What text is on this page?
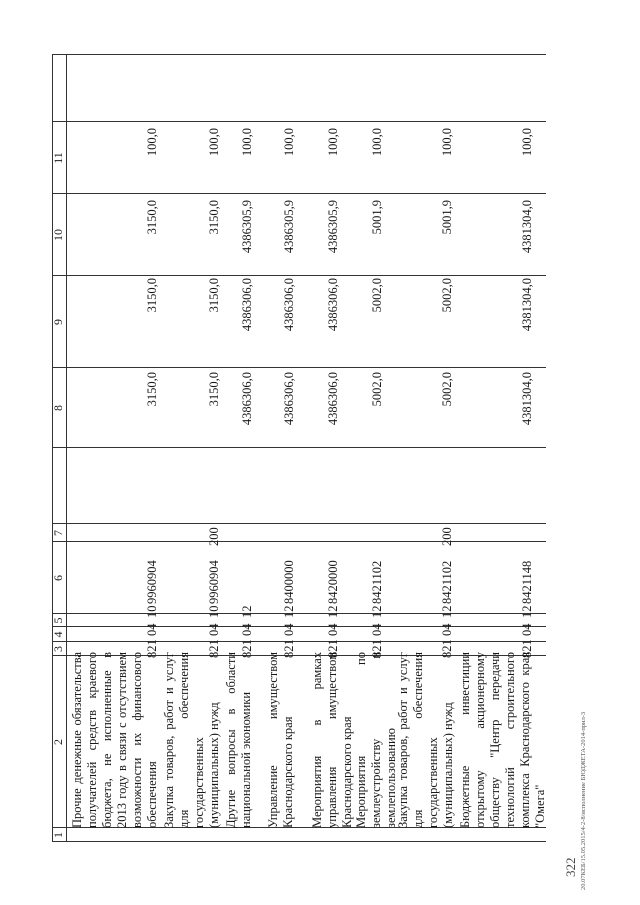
1
2
3
4
5
6
7
8
9
10
11
Прочие денежные обязательства получателей средств краевого бюджета, не исполненные в 2013 году в связи с отсутствием возможности их финансового обеспечения
821
04
10
9960904
3150,0
3150,0
3150,0
100,0
Закупка товаров, работ и услуг для обеспечения государственных (муниципальных) нужд
821
04
10
9960904
200
3150,0
3150,0
3150,0
100,0
Другие вопросы в области национальной экономики
821
04
12
4386306,0
4386306,0
4386305,9
100,0
Управление имуществом Краснодарского края
821
04
12
8400000
4386306,0
4386306,0
4386305,9
100,0
Мероприятия в рамках управления имуществом Краснодарского края
821
04
12
8420000
4386306,0
4386306,0
4386305,9
100,0
Мероприятия по землеустройству и землепользованию
821
04
12
8421102
5002,0
5002,0
5001,9
100,0
Закупка товаров, работ и услуг для обеспечения государственных (муниципальных) нужд
821
04
12
8421102
200
5002,0
5002,0
5001,9
100,0
Бюджетные инвестиции открытому акционерному обществу "Центр передачи технологий строительного комплекса Краснодарского края "Омега"
821
04
12
8421148
4381304,0
4381304,0
4381304,0
100,0
322 20.07КЕБ/15.05.2015/4-2-8/исполнение БЮДЖЕТА-2014-прил-3
